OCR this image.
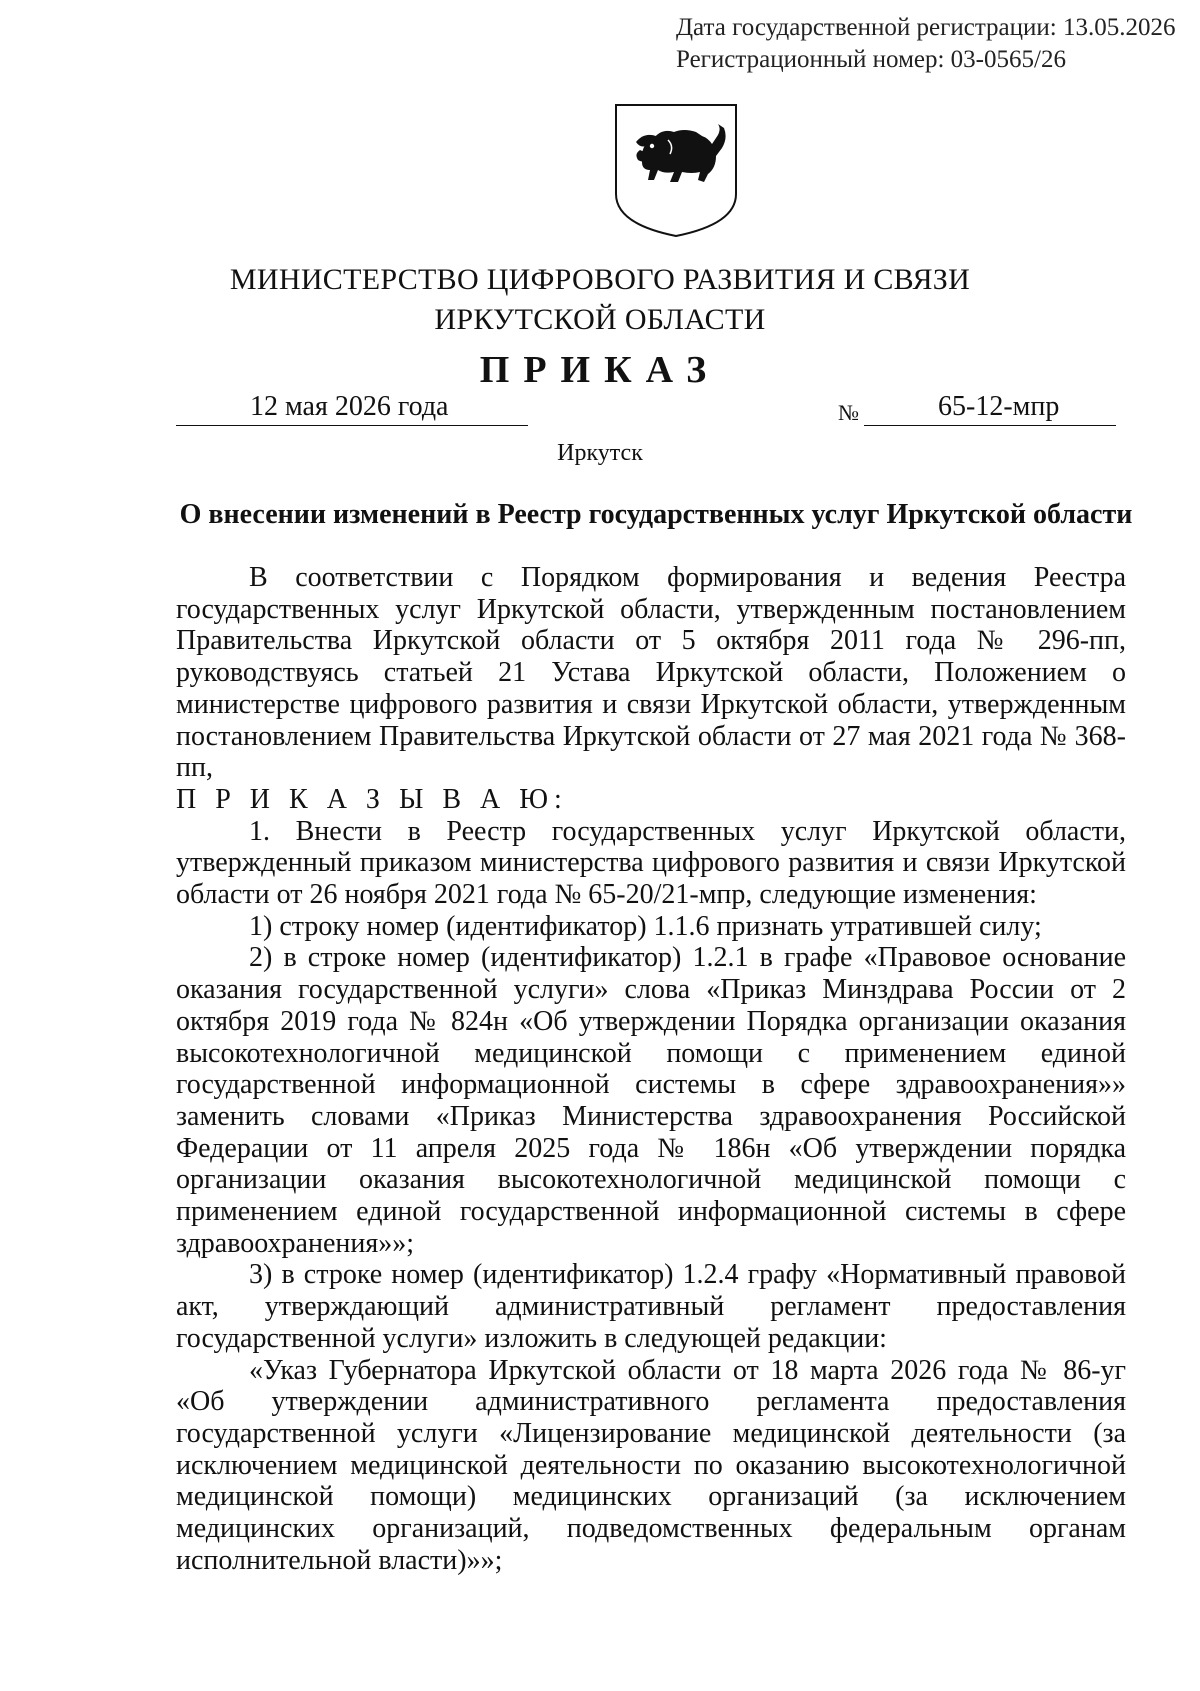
Дата государственной регистрации: 13.05.2026
Регистрационный номер: 03-0565/26
МИНИСТЕРСТВО ЦИФРОВОГО РАЗВИТИЯ И СВЯЗИ
ИРКУТСКОЙ ОБЛАСТИ
ПРИКАЗ
12 мая 2026 года	№	65-12-мпр
Иркутск
О внесении изменений в Реестр государственных услуг Иркутской области

В соответствии с Порядком формирования и ведения Реестра государственных услуг Иркутской области, утвержденным постановлением Правительства Иркутской области от 5 октября 2011 года № 296-пп, руководствуясь статьей 21 Устава Иркутской области, Положением о министерстве цифрового развития и связи Иркутской области, утвержденным постановлением Правительства Иркутской области от 27 мая 2021 года № 368-пп,

П Р И К А З Ы В А Ю:

1. Внести в Реестр государственных услуг Иркутской области, утвержденный приказом министерства цифрового развития и связи Иркутской области от 26 ноября 2021 года № 65-20/21-мпр, следующие изменения:

1) строку номер (идентификатор) 1.1.6 признать утратившей силу;

2) в строке номер (идентификатор) 1.2.1 в графе «Правовое основание оказания государственной услуги» слова «Приказ Минздрава России от 2 октября 2019 года № 824н «Об утверждении Порядка организации оказания высокотехнологичной медицинской помощи с применением единой государственной информационной системы в сфере здравоохранения»» заменить словами «Приказ Министерства здравоохранения Российской Федерации от 11 апреля 2025 года № 186н «Об утверждении порядка организации оказания высокотехнологичной медицинской помощи с применением единой государственной информационной системы в сфере здравоохранения»»;

3) в строке номер (идентификатор) 1.2.4 графу «Нормативный правовой акт, утверждающий административный регламент предоставления государственной услуги» изложить в следующей редакции:

«Указ Губернатора Иркутской области от 18 марта 2026 года № 86-уг «Об утверждении административного регламента предоставления государственной услуги «Лицензирование медицинской деятельности (за исключением медицинской деятельности по оказанию высокотехнологичной медицинской помощи) медицинских организаций (за исключением медицинских организаций, подведомственных федеральным органам исполнительной власти)»»;
